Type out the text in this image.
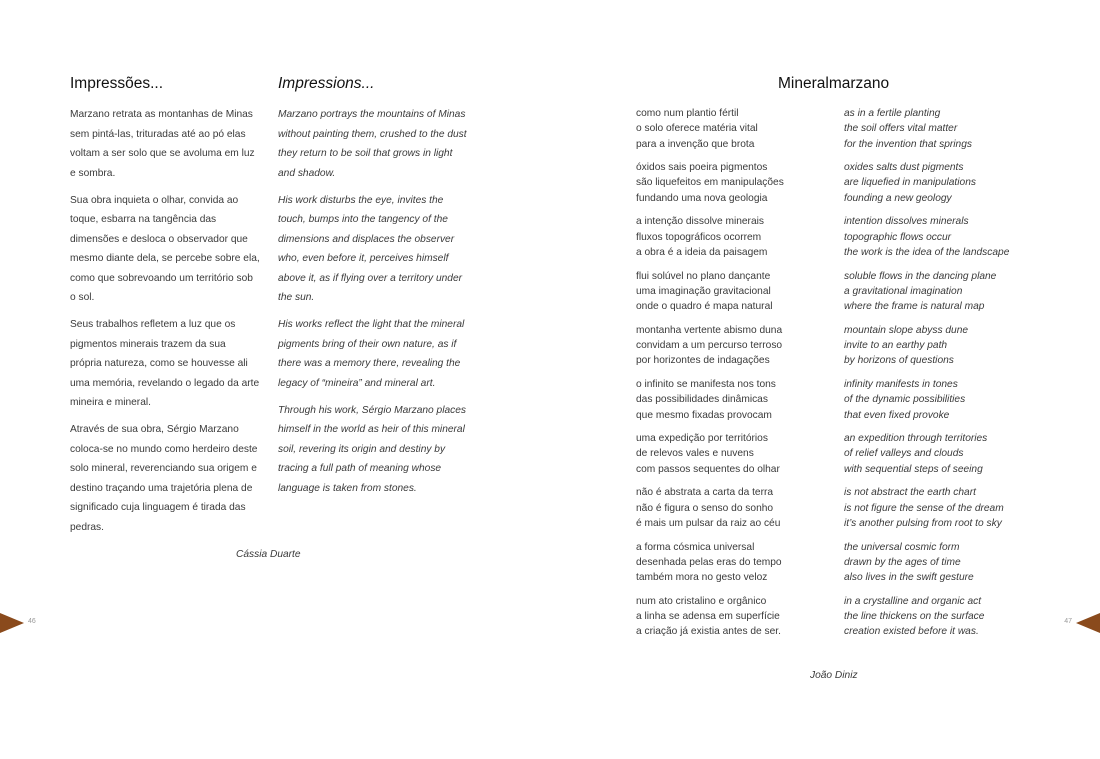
Impressões...	Impressions...

Marzano retrata as montanhas de Minas sem pintá-las, trituradas até ao pó elas voltam a ser solo que se avoluma em luz e sombra.

Sua obra inquieta o olhar, convida ao toque, esbarra na tangência das dimensões e desloca o observador que mesmo diante dela, se percebe sobre ela, como que sobrevoando um território sob o sol.

Seus trabalhos refletem a luz que os pigmentos minerais trazem da sua própria natureza, como se houvesse ali uma memória, revelando o legado da arte mineira e mineral.

Através de sua obra, Sérgio Marzano coloca-se no mundo como herdeiro deste solo mineral, reverenciando sua origem e destino traçando uma trajetória plena de significado cuja linguagem é tirada das pedras.

Marzano portrays the mountains of Minas without painting them, crushed to the dust they return to be soil that grows in light and shadow.

His work disturbs the eye, invites the touch, bumps into the tangency of the dimensions and displaces the observer who, even before it, perceives himself above it, as if flying over a territory under the sun.

His works reflect the light that the mineral pigments bring of their own nature, as if there was a memory there, revealing the legacy of “mineira” and mineral art.

Through his work, Sérgio Marzano places himself in the world as heir of this mineral soil, revering its origin and destiny by tracing a full path of meaning whose language is taken from stones.

Cássia Duarte
46
Mineralmarzano
como num plantio fértil
o solo oferece matéria vital
para a invenção que brota
óxidos sais poeira pigmentos
são liquefeitos em manipulações
fundando uma nova geologia
a intenção dissolve minerais
fluxos topográficos ocorrem
a obra é a ideia da paisagem
flui solúvel no plano dançante
uma imaginação gravitacional
onde o quadro é mapa natural
montanha vertente abismo duna
convidam a um percurso terroso
por horizontes de indagações
o infinito se manifesta nos tons
das possibilidades dinâmicas
que mesmo fixadas provocam
uma expedição por territórios
de relevos vales e nuvens
com passos sequentes do olhar
não é abstrata a carta da terra
não é figura o senso do sonho
é mais um pulsar da raiz ao céu
a forma cósmica universal
desenhada pelas eras do tempo
também mora no gesto veloz
num ato cristalino e orgânico
a linha se adensa em superfície
a criação já existia antes de ser.
as in a fertile planting
the soil offers vital matter
for the invention that springs
oxides salts dust pigments
are liquefied in manipulations
founding a new geology
intention dissolves minerals
topographic flows occur
the work is the idea of the landscape
soluble flows in the dancing plane
a gravitational imagination
where the frame is natural map
mountain slope abyss dune
invite to an earthy path
by horizons of questions
infinity manifests in tones
of the dynamic possibilities
that even fixed provoke
an expedition through territories
of relief valleys and clouds
with sequential steps of seeing
is not abstract the earth chart
is not figure the sense of the dream
it’s another pulsing from root to sky
the universal cosmic form
drawn by the ages of time
also lives in the swift gesture
in a crystalline and organic act
the line thickens on the surface
creation existed before it was.
João Diniz
47
